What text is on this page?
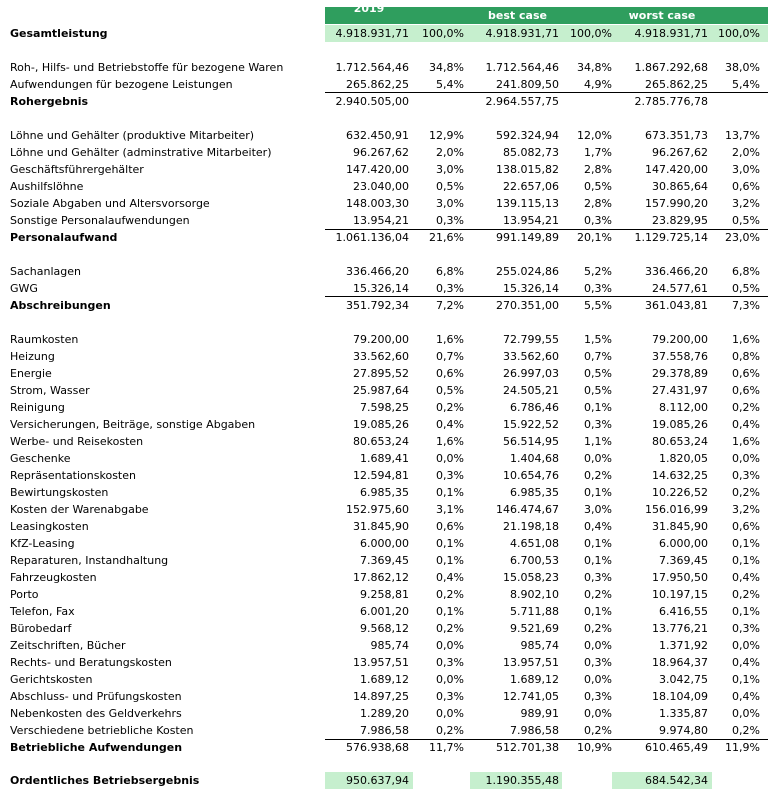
2019
best case	worst case
Gesamtleistung	4.918.931,71 100,0% 4.918.931,71 100,0% 4.918.931,71 100,0%
Roh-, Hilfs- und Betriebstoffe für bezogene Waren	1.712.564,46 34,8% 1.712.564,46 34,8% 1.867.292,68 38,0%
Aufwendungen für bezogene Leistungen	265.862,25 5,4%	241.809,50 4,9%	265.862,25 5,4%
Rohergebnis	2.940.505,00	2.964.557,75	2.785.776,78
Löhne und Gehälter (produktive Mitarbeiter)	632.450,91 12,9%	592.324,94 12,0%	673.351,73 13,7%
Löhne und Gehälter (adminstrative Mitarbeiter)	96.267,62 2,0%	85.082,73 1,7%	96.267,62 2,0%
Geschäftsführergehälter	147.420,00 3,0%	138.015,82 2,8%	147.420,00 3,0%
Aushilfslöhne	23.040,00 0,5%	22.657,06 0,5%	30.865,64 0,6%
Soziale Abgaben und Altersvorsorge	148.003,30 3,0%	139.115,13 2,8%	157.990,20 3,2%
Sonstige Personalaufwendungen	13.954,21 0,3%	13.954,21 0,3%	23.829,95 0,5%
Personalaufwand	1.061.136,04 21,6%	991.149,89 20,1% 1.129.725,14 23,0%
Sachanlagen	336.466,20 6,8%	255.024,86 5,2%	336.466,20 6,8%
GWG	15.326,14 0,3%	15.326,14 0,3%	24.577,61 0,5%
Abschreibungen	351.792,34 7,2%	270.351,00 5,5%	361.043,81 7,3%
Raumkosten	79.200,00 1,6%	72.799,55 1,5%	79.200,00 1,6%
Heizung	33.562,60 0,7%	33.562,60 0,7%	37.558,76 0,8%
Energie	27.895,52 0,6%	26.997,03 0,5%	29.378,89 0,6%
Strom, Wasser	25.987,64 0,5%	24.505,21 0,5%	27.431,97 0,6%
Reinigung	7.598,25 0,2%	6.786,46 0,1%	8.112,00 0,2%
Versicherungen, Beiträge, sonstige Abgaben	19.085,26 0,4%	15.922,52 0,3%	19.085,26 0,4%
Werbe- und Reisekosten	80.653,24 1,6%	56.514,95 1,1%	80.653,24 1,6%
Geschenke	1.689,41 0,0%	1.404,68 0,0%	1.820,05 0,0%
Repräsentationskosten	12.594,81 0,3%	10.654,76 0,2%	14.632,25 0,3%
Bewirtungskosten	6.985,35 0,1%	6.985,35 0,1%	10.226,52 0,2%
Kosten der Warenabgabe	152.975,60 3,1%	146.474,67 3,0%	156.016,99 3,2%
Leasingkosten	31.845,90 0,6%	21.198,18 0,4%	31.845,90 0,6%
KfZ-Leasing	6.000,00 0,1%	4.651,08 0,1%	6.000,00 0,1%
Reparaturen, Instandhaltung	7.369,45 0,1%	6.700,53 0,1%	7.369,45 0,1%
Fahrzeugkosten	17.862,12 0,4%	15.058,23 0,3%	17.950,50 0,4%
Porto	9.258,81 0,2%	8.902,10 0,2%	10.197,15 0,2%
Telefon, Fax	6.001,20 0,1%	5.711,88 0,1%	6.416,55 0,1%
Bürobedarf	9.568,12 0,2%	9.521,69 0,2%	13.776,21 0,3%
Zeitschriften, Bücher	985,74 0,0%	985,74 0,0%	1.371,92 0,0%
Rechts- und Beratungskosten	13.957,51 0,3%	13.957,51 0,3%	18.964,37 0,4%
Gerichtskosten	1.689,12 0,0%	1.689,12 0,0%	3.042,75 0,1%
Abschluss- und Prüfungskosten	14.897,25 0,3%	12.741,05 0,3%	18.104,09 0,4%
Nebenkosten des Geldverkehrs	1.289,20 0,0%	989,91 0,0%	1.335,87 0,0%
Verschiedene betriebliche Kosten	7.986,58 0,2%	7.986,58 0,2%	9.974,80 0,2%
Betriebliche Aufwendungen	576.938,68 11,7%	512.701,38 10,9%	610.465,49 11,9%
Ordentliches Betriebsergebnis	950.637,94	1.190.355,48	684.542,34
